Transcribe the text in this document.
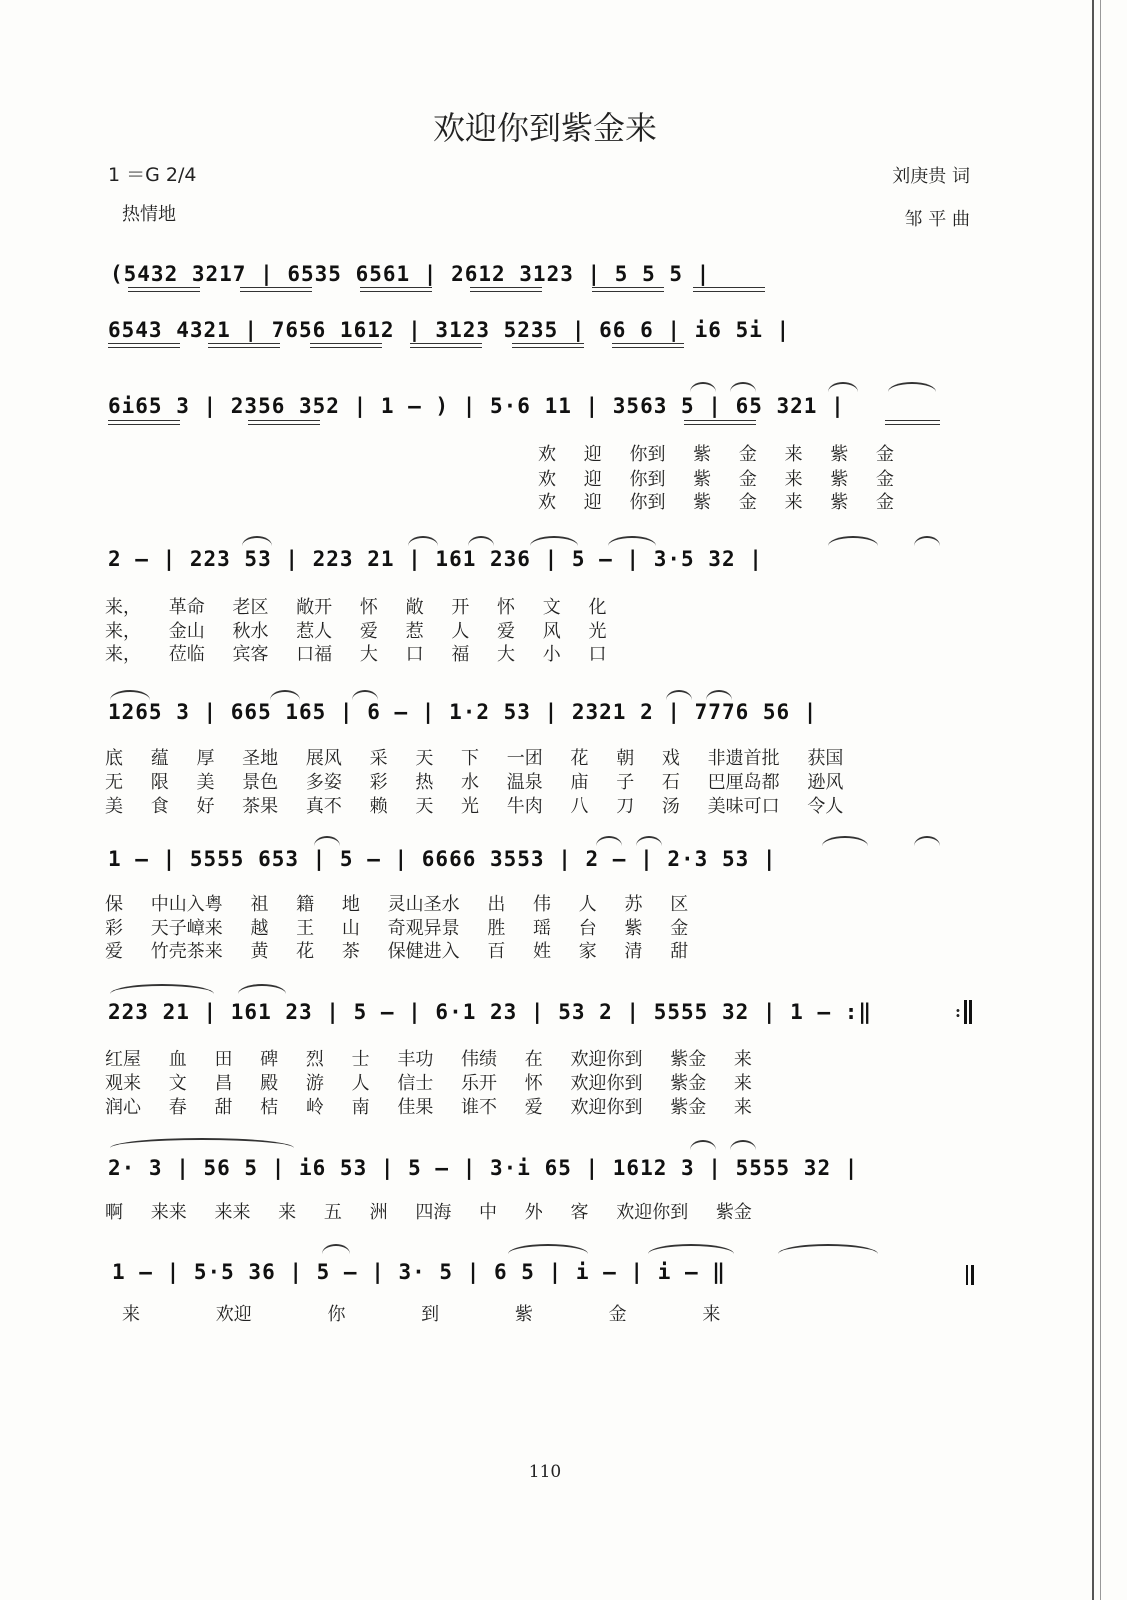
欢迎你到紫金来
1 ＝G 2/4
热情地
刘庚贵 词
邹 平 曲
(5432 3217 | 6535 6561 | 2612 3123 | 5 5 5 |
6543 4321 | 7656 1612 | 3123 5235 | 66 6 | i6 5i |
6i65 3 | 2356 352 | 1 — ) | 5·6 11 | 3563 5 | 65 321 |
欢 迎 你到 紫 金 来 紫 金
欢 迎 你到 紫 金 来 紫 金
欢 迎 你到 紫 金 来 紫 金
2 — | 223 53 | 223 21 | 161 236 | 5 — | 3·5 32 |
来， 革命 老区 敞开 怀 敞 开 怀 文 化
来， 金山 秋水 惹人 爱 惹 人 爱 风 光
来， 莅临 宾客 口福 大 口 福 大 小 口
1265 3 | 665 165 | 6 — | 1·2 53 | 2321 2 | 7776 56 |
底 蕴 厚 圣地 展风 采 天 下 一团 花 朝 戏 非遗首批 获国
无 限 美 景色 多姿 彩 热 水 温泉 庙 子 石 巴厘岛都 逊风
美 食 好 茶果 真不 赖 天 光 牛肉 八 刀 汤 美味可口 令人
1 — | 5555 653 | 5 — | 6666 3553 | 2 — | 2·3 53 |
保 中山入粤 祖 籍 地 灵山圣水 出 伟 人 苏 区
彩 天子嶂来 越 王 山 奇观异景 胜 瑶 台 紫 金
爱 竹壳茶来 黄 花 茶 保健进入 百 姓 家 清 甜
223 21 | 161 23 | 5 — | 6·1 23 | 53 2 | 5555 32 | 1 — :‖
红屋 血 田 碑 烈 士 丰功 伟绩 在 欢迎你到 紫金 来
观来 文 昌 殿 游 人 信士 乐开 怀 欢迎你到 紫金 来
润心 春 甜 桔 岭 南 佳果 谁不 爱 欢迎你到 紫金 来
2· 3 | 56 5 | i6 53 | 5 — | 3·i 65 | 1612 3 | 5555 32 |
啊 来来 来来 来 五 洲 四海 中 外 客 欢迎你到 紫金
1 — | 5·5 36 | 5 — | 3· 5 | 6 5 | i — | i — ‖
来 欢迎 你 到 紫 金 来
:
110
